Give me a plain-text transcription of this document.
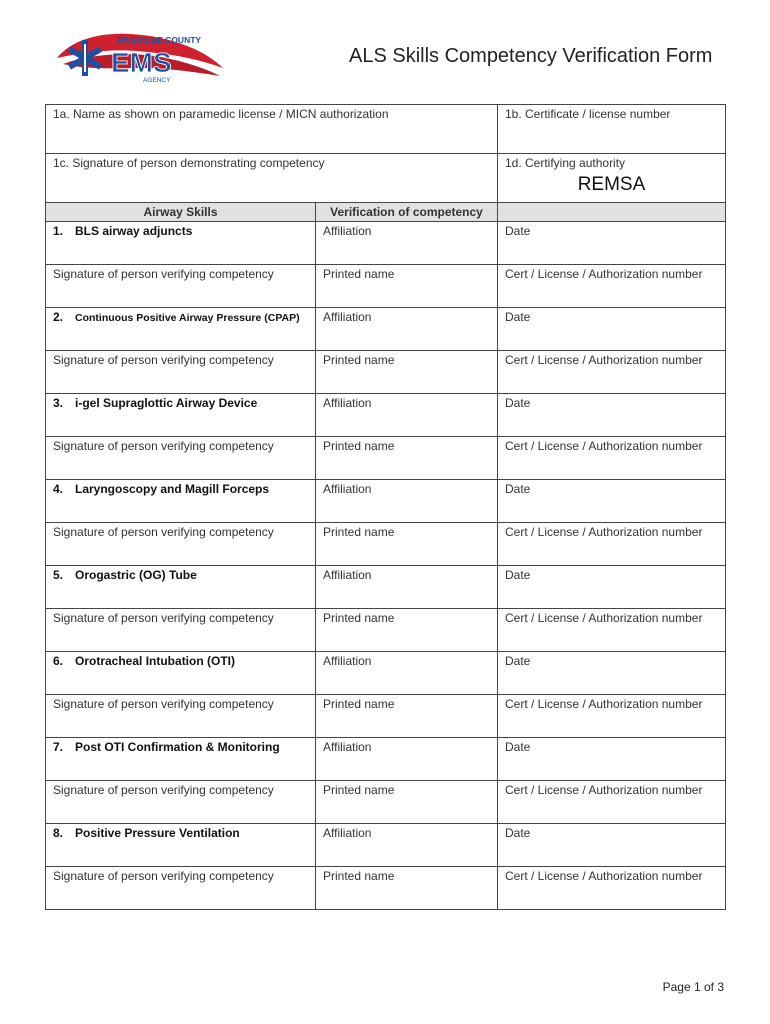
RIVERSIDE COUNTY
EMS
AGENCY
ALS Skills Competency Verification Form
1a. Name as shown on paramedic license / MICN authorization		1b. Certificate / license number
1c. Signature of person demonstrating competency		1d. Certifying authority
REMSA

Airway Skills	Verification of competency	
1. BLS airway adjuncts	Affiliation	Date
Signature of person verifying competency	Printed name	Cert / License / Authorization number
2. Continuous Positive Airway Pressure (CPAP)	Affiliation	Date
Signature of person verifying competency	Printed name	Cert / License / Authorization number
3. i-gel Supraglottic Airway Device	Affiliation	Date
Signature of person verifying competency	Printed name	Cert / License / Authorization number
4. Laryngoscopy and Magill Forceps	Affiliation	Date
Signature of person verifying competency	Printed name	Cert / License / Authorization number
5. Orogastric (OG) Tube	Affiliation	Date
Signature of person verifying competency	Printed name	Cert / License / Authorization number
6. Orotracheal Intubation (OTI)	Affiliation	Date
Signature of person verifying competency	Printed name	Cert / License / Authorization number
7. Post OTI Confirmation & Monitoring	Affiliation	Date
Signature of person verifying competency	Printed name	Cert / License / Authorization number
8. Positive Pressure Ventilation	Affiliation	Date
Signature of person verifying competency	Printed name	Cert / License / Authorization number
Page 1 of 3
